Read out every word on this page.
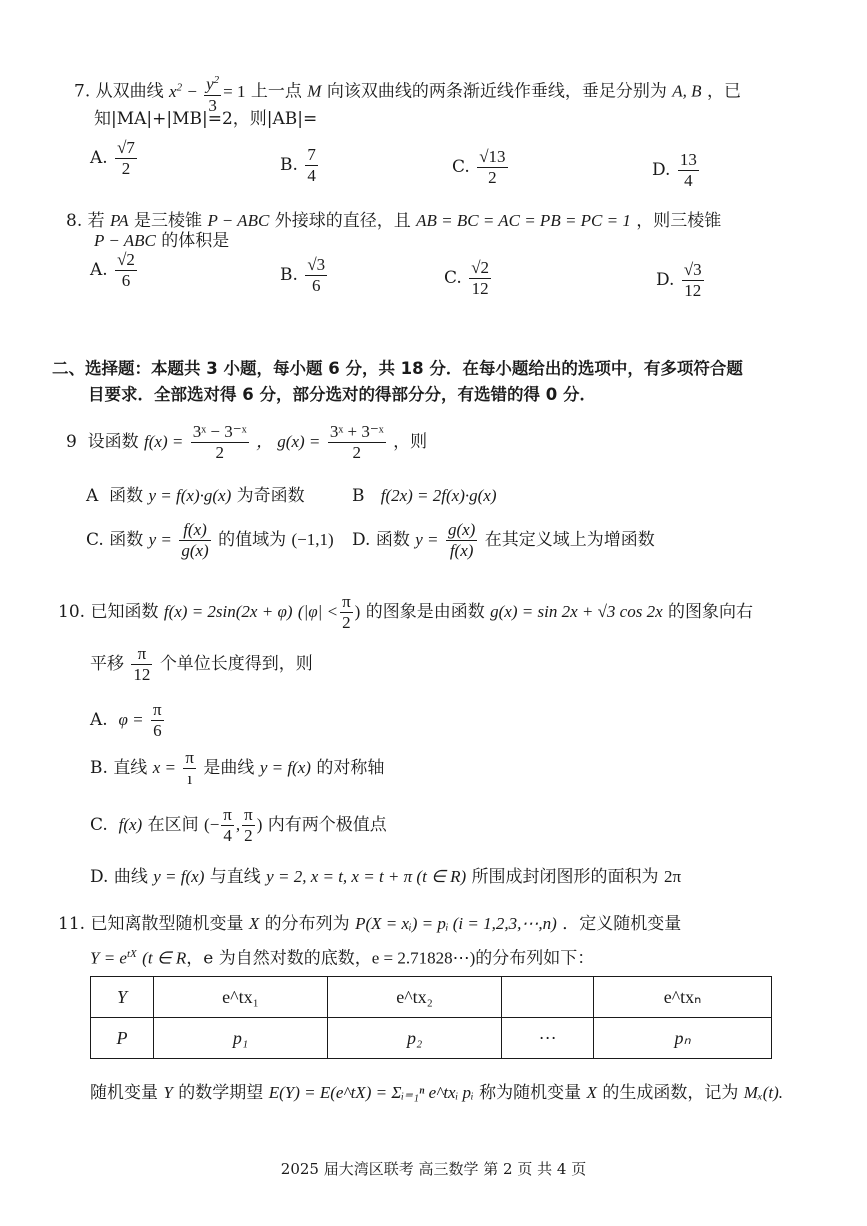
7. 从双曲线 $x^2 - \frac{y^2}{3} = 1$ 上一点 M 向该双曲线的两条渐近线作垂线，垂足分别为 A, B ，已
知|MA|+|MB|=2，则|AB|=
A. $\frac{√7}{2}$	B. $\frac{7}{4}$	C. $\frac{√13}{2}$	D. $\frac{13}{4}$
8. 若 PA 是三棱锥 P − ABC 外接球的直径，且 AB = BC = AC = PB = PC = 1 ，则三棱锥
P − ABC 的体积是
A. $\frac{√2}{6}$	B. $\frac{√3}{6}$	C. $\frac{√2}{12}$	D. $\frac{√3}{12}$
二、选择题：本题共 3 小题，每小题 6 分，共 18 分．在每小题给出的选项中，有多项符合题
目要求．全部选对得 6 分，部分选对的得部分分，有选错的得 0 分．
9 设函数 $f(x) = \frac{\text{3ˣ − 3⁻ˣ}}{2}$ ， $g(x) = \frac{\text{3ˣ + 3⁻ˣ}}{2}$ ，则
A 函数 y = f(x)·g(x) 为奇函数	B f(2x) = 2f(x)·g(x)
C. 函数 $y = \frac{f(x)}{g(x)}$ 的值域为 (−1,1) D. 函数 $y = \frac{g(x)}{f(x)}$ 在其定义域上为增函数
10. 已知函数 f(x) = 2sin(2x + φ) ($|\varphi| < \frac{\pi}{2}$ ) 的图象是由函数 g(x) = sin 2x + √3 cos 2x 的图象向右
平移 $\frac{\pi}{12}$ 个单位长度得到，则
A. $\varphi = \frac{\pi}{6}$
B. 直线 $x = \frac{\pi}{ı}$ 是曲线 y = f(x) 的对称轴
C. f(x) 在区间 (− $\frac{\pi}{4}$ , $\frac{\pi}{2}$ ) 内有两个极值点
D. 曲线 y = f(x) 与直线 y = 2, x = t, x = t + π (t ∈ R) 所围成封闭图形的面积为 2π
11. 已知离散型随机变量 X 的分布列为 P(X = xᵢ) = pᵢ (i = 1,2,3,⋯,n) ．定义随机变量
$Y = e^{tX}$ (t ∈ R，e 为自然对数的底数，e = 2.71828⋯)的分布列如下：
Y	e^tx₁	e^tx₂		e^txₙ
P	p₁	p₂	···	pₙ
随机变量 Y 的数学期望 E(Y) = E(e^tX) = Σᵢ₌₁ⁿ e^txᵢ pᵢ 称为随机变量 X 的生成函数，记为 Mₓ(t).
2025 届大湾区联考 高三数学 第 2 页 共 4 页
